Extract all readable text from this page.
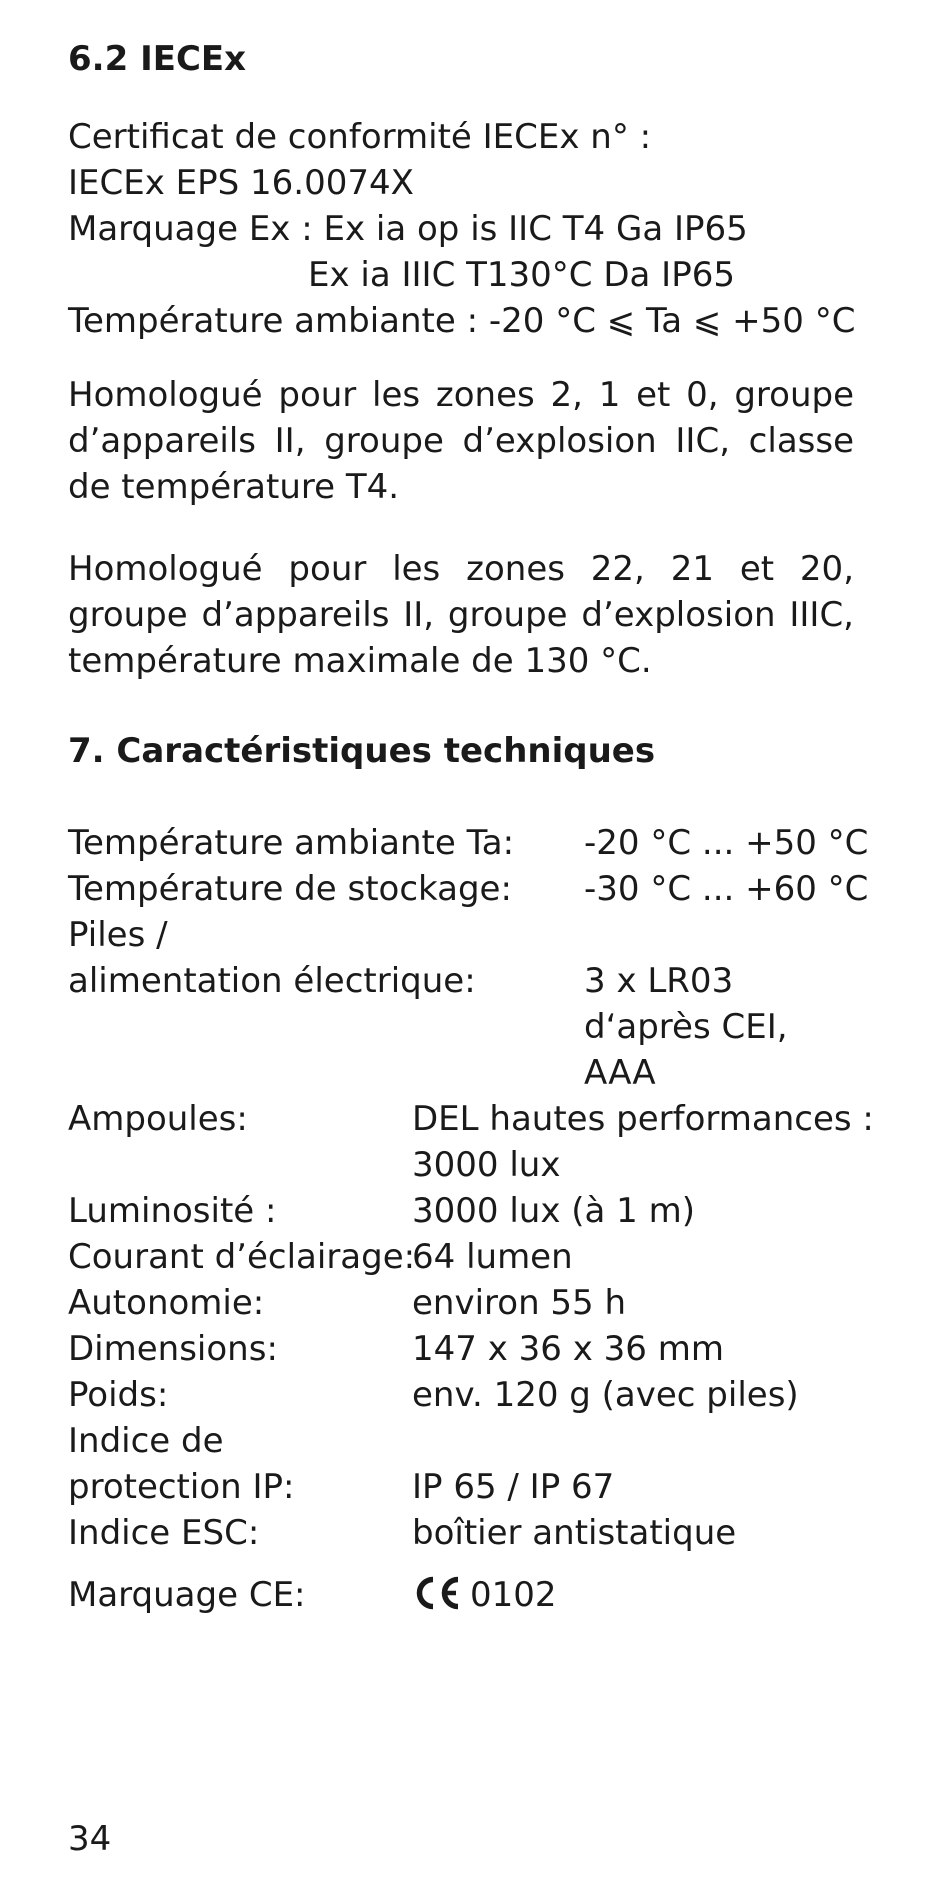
6.2 IECEx
Certificat de conformité IECEx n° :
IECEx EPS 16.0074X
Marquage Ex : Ex ia op is IIC T4 Ga IP65
Ex ia IIIC T130°C Da IP65
Température ambiante : -20 °C ⩽ Ta ⩽ +50 °C

Homologué pour les zones 2, 1 et 0, groupe d’appareils II, groupe d’explosion IIC, classe de température T4.

Homologué pour les zones 22, 21 et 20, groupe d’appareils II, groupe d’explosion IIIC, température maximale de 130 °C.

7. Caractéristiques techniques
Température ambiante Ta:	-20 °C ... +50 °C
Température de stockage:	-30 °C ... +60 °C
Piles /
alimentation électrique:	3 x LR03
d‘après CEI,
AAA
Ampoules:	DEL hautes performances :
3000 lux
Luminosité :	3000 lux (à 1 m)
Courant d’éclairage:
64 lumen
Autonomie:	environ 55 h
Dimensions:	147 x 36 x 36 mm
Poids:	env. 120 g (avec piles)
Indice de
protection IP:	IP 65 / IP 67
Indice ESC:	boîtier antistatique
Marquage CE:	0102
34
